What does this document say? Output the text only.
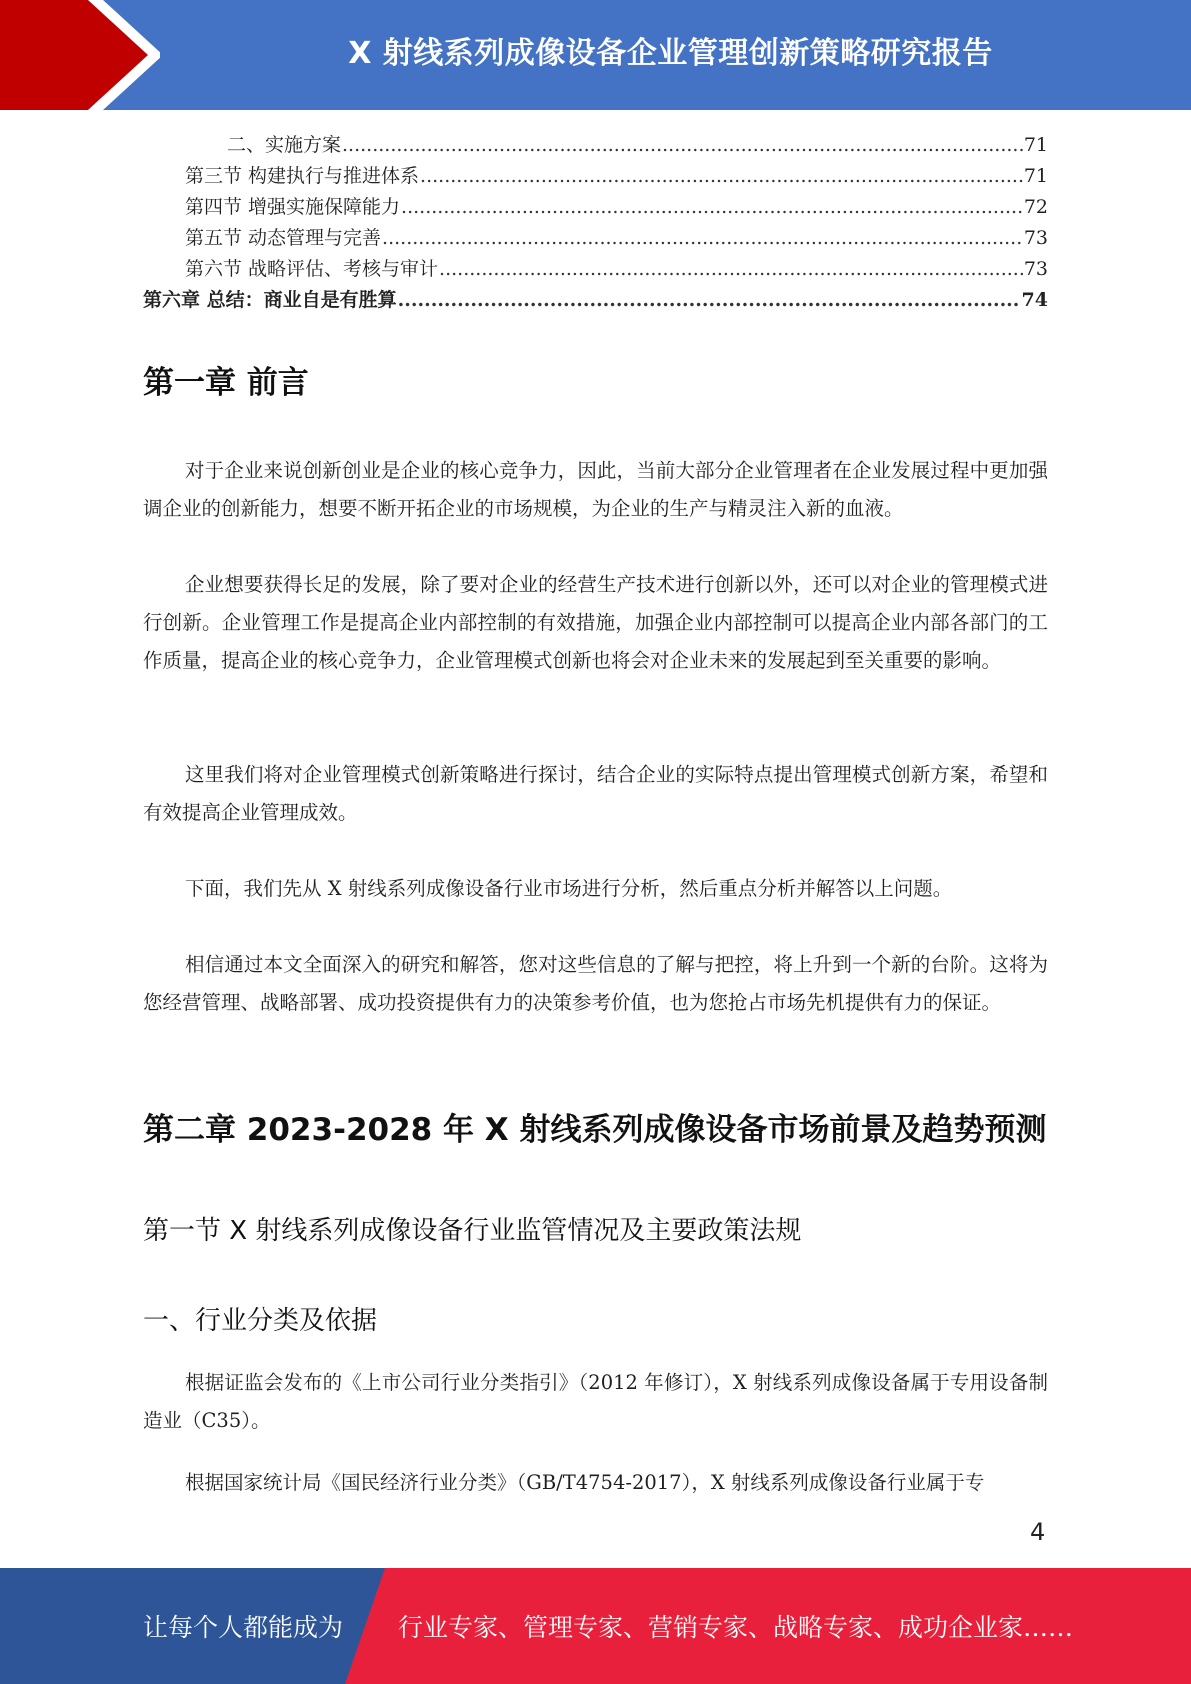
X 射线系列成像设备企业管理创新策略研究报告
二、实施方案 .....	71
第三节 构建执行与推进体系 .....	71
第四节 增强实施保障能力 .....	72
第五节 动态管理与完善 .....	73
第六节 战略评估、考核与审计 .....	73
第六章 总结：商业自是有胜算 .....	74
第一章 前言

对于企业来说创新创业是企业的核心竞争力，因此，当前大部分企业管理者在企业发展过程中更加强调企业的创新能力，想要不断开拓企业的市场规模，为企业的生产与精灵注入新的血液。

企业想要获得长足的发展，除了要对企业的经营生产技术进行创新以外，还可以对企业的管理模式进行创新。企业管理工作是提高企业内部控制的有效措施，加强企业内部控制可以提高企业内部各部门的工作质量，提高企业的核心竞争力，企业管理模式创新也将会对企业未来的发展起到至关重要的影响。

这里我们将对企业管理模式创新策略进行探讨，结合企业的实际特点提出管理模式创新方案，希望和有效提高企业管理成效。

下面，我们先从 X 射线系列成像设备行业市场进行分析，然后重点分析并解答以上问题。

相信通过本文全面深入的研究和解答，您对这些信息的了解与把控，将上升到一个新的台阶。这将为您经营管理、战略部署、成功投资提供有力的决策参考价值，也为您抢占市场先机提供有力的保证。

第二章 2023-2028 年 X 射线系列成像设备市场前景及趋势预测
第一节 X 射线系列成像设备行业监管情况及主要政策法规
一、行业分类及依据

根据证监会发布的《上市公司行业分类指引》（2012 年修订），X 射线系列成像设备属于专用设备制造业（C35）。

根据国家统计局《国民经济行业分类》（GB/T4754-2017），X 射线系列成像设备行业属于专

4
让每个人都能成为 行业专家、管理专家、营销专家、战略专家、成功企业家……
